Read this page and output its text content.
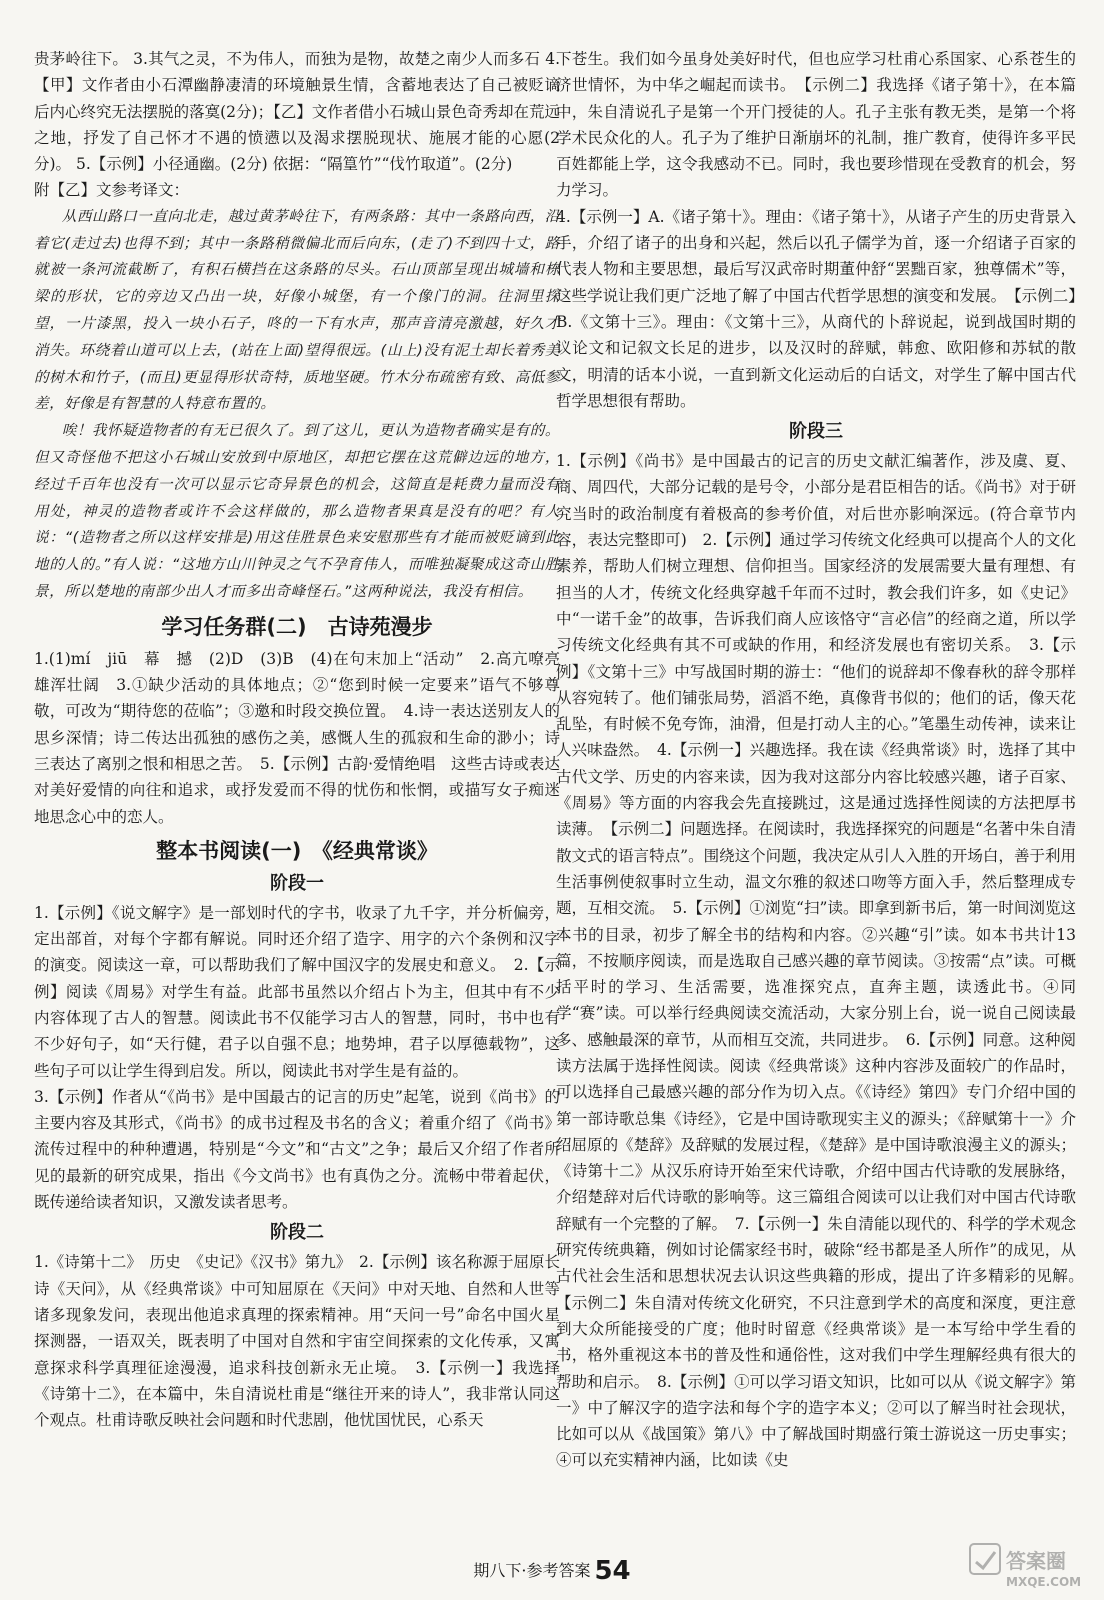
贵茅岭往下。 3.其气之灵，不为伟人，而独为是物，故楚之南少人而多石 4.【甲】文作者由小石潭幽静凄清的环境触景生情，含蓄地表达了自己被贬谪后内心终究无法摆脱的落寞(2分)；【乙】文作者借小石城山景色奇秀却在荒远之地，抒发了自己怀才不遇的愤懑以及渴求摆脱现状、施展才能的心愿(2分)。 5.【示例】小径通幽。(2分) 依据：“隔篁竹”“伐竹取道”。(2分)

附【乙】文参考译文：

从西山路口一直向北走，越过黄茅岭往下，有两条路：其中一条路向西，沿着它(走过去)也得不到；其中一条路稍微偏北而后向东，(走了)不到四十丈，路就被一条河流截断了，有积石横挡在这条路的尽头。石山顶部呈现出城墙和栋梁的形状，它的旁边又凸出一块，好像小城堡，有一个像门的洞。往洞里探望，一片漆黑，投入一块小石子，咚的一下有水声，那声音清亮激越，好久才消失。环绕着山道可以上去，(站在上面)望得很远。(山上)没有泥土却长着秀美的树木和竹子，(而且)更显得形状奇特，质地坚硬。竹木分布疏密有致、高低参差，好像是有智慧的人特意布置的。

唉！我怀疑造物者的有无已很久了。到了这儿，更认为造物者确实是有的。但又奇怪他不把这小石城山安放到中原地区，却把它摆在这荒僻边远的地方，经过千百年也没有一次可以显示它奇异景色的机会，这简直是耗费力量而没有用处，神灵的造物者或许不会这样做的，那么造物者果真是没有的吧？有人说：“(造物者之所以这样安排是)用这佳胜景色来安慰那些有才能而被贬谪到此地的人的。”有人说：“这地方山川钟灵之气不孕育伟人，而唯独凝聚成这奇山胜景，所以楚地的南部少出人才而多出奇峰怪石。”这两种说法，我没有相信。

学习任务群(二)　古诗苑漫步

1.(1)mí　jiū　幕　撼　(2)D　(3)B　(4)在句末加上“活动”　2.高亢嘹亮　雄浑壮阔　3.①缺少活动的具体地点；②“您到时候一定要来”语气不够尊敬，可改为“期待您的莅临”；③邀和时段交换位置。　4.诗一表达送别友人的思乡深情；诗二传达出孤独的感伤之美，感慨人生的孤寂和生命的渺小；诗三表达了离别之恨和相思之苦。　5.【示例】古韵·爱情绝唱　这些古诗或表达对美好爱情的向往和追求，或抒发爱而不得的忧伤和怅惘，或描写女子痴迷地思念心中的恋人。

整本书阅读(一)　《经典常谈》
阶段一

1.【示例】《说文解字》是一部划时代的字书，收录了九千字，并分析偏旁，定出部首，对每个字都有解说。同时还介绍了造字、用字的六个条例和汉字的演变。阅读这一章，可以帮助我们了解中国汉字的发展史和意义。　2.【示例】阅读《周易》对学生有益。此部书虽然以介绍占卜为主，但其中有不少内容体现了古人的智慧。阅读此书不仅能学习古人的智慧，同时，书中也有不少好句子，如“天行健，君子以自强不息；地势坤，君子以厚德载物”，这些句子可以让学生得到启发。所以，阅读此书对学生是有益的。

3.【示例】作者从“《尚书》是中国最古的记言的历史”起笔，说到《尚书》的主要内容及其形式，《尚书》的成书过程及书名的含义；着重介绍了《尚书》流传过程中的种种遭遇，特别是“今文”和“古文”之争；最后又介绍了作者所见的最新的研究成果，指出《今文尚书》也有真伪之分。流畅中带着起伏，既传递给读者知识，又激发读者思考。

阶段二

1.《诗第十二》　历史　《史记》《汉书》第九》　2.【示例】该名称源于屈原长诗《天问》，从《经典常谈》中可知屈原在《天问》中对天地、自然和人世等诸多现象发问，表现出他追求真理的探索精神。用“天问一号”命名中国火星探测器，一语双关，既表明了中国对自然和宇宙空间探索的文化传承，又寓意探求科学真理征途漫漫，追求科技创新永无止境。　3.【示例一】我选择《诗第十二》，在本篇中，朱自清说杜甫是“继往开来的诗人”，我非常认同这个观点。杜甫诗歌反映社会问题和时代悲剧，他忧国忧民，心系天

下苍生。我们如今虽身处美好时代，但也应学习杜甫心系国家、心系苍生的济世情怀，为中华之崛起而读书。　【示例二】我选择《诸子第十》，在本篇中，朱自清说孔子是第一个开门授徒的人。孔子主张有教无类，是第一个将学术民众化的人。孔子为了维护日渐崩坏的礼制，推广教育，使得许多平民百姓都能上学，这令我感动不已。同时，我也要珍惜现在受教育的机会，努力学习。

4.【示例一】A.《诸子第十》。理由：《诸子第十》，从诸子产生的历史背景入手，介绍了诸子的出身和兴起，然后以孔子儒学为首，逐一介绍诸子百家的代表人物和主要思想，最后写汉武帝时期董仲舒“罢黜百家，独尊儒术”等，这些学说让我们更广泛地了解了中国古代哲学思想的演变和发展。　【示例二】B.《文第十三》。理由：《文第十三》，从商代的卜辞说起，说到战国时期的议论文和记叙文长足的进步，以及汉时的辞赋，韩愈、欧阳修和苏轼的散文，明清的话本小说，一直到新文化运动后的白话文，对学生了解中国古代哲学思想很有帮助。

阶段三

1.【示例】《尚书》是中国最古的记言的历史文献汇编著作，涉及虞、夏、商、周四代，大部分记载的是号令，小部分是君臣相告的话。《尚书》对于研究当时的政治制度有着极高的参考价值，对后世亦影响深远。(符合章节内容，表达完整即可)　2.【示例】通过学习传统文化经典可以提高个人的文化素养，帮助人们树立理想、信仰担当。国家经济的发展需要大量有理想、有担当的人才，传统文化经典穿越千年而不过时，教会我们许多，如《史记》中“一诺千金”的故事，告诉我们商人应该恪守“言必信”的经商之道，所以学习传统文化经典有其不可或缺的作用，和经济发展也有密切关系。　3.【示例】《文第十三》中写战国时期的游士：“他们的说辞却不像春秋的辞令那样从容宛转了。他们铺张局势，滔滔不绝，真像背书似的；他们的话，像天花乱坠，有时候不免夸饰，油滑，但是打动人主的心。”笔墨生动传神，读来让人兴味盎然。　4.【示例一】兴趣选择。我在读《经典常谈》时，选择了其中古代文学、历史的内容来读，因为我对这部分内容比较感兴趣，诸子百家、《周易》等方面的内容我会先直接跳过，这是通过选择性阅读的方法把厚书读薄。　【示例二】问题选择。在阅读时，我选择探究的问题是“名著中朱自清散文式的语言特点”。围绕这个问题，我决定从引人入胜的开场白，善于利用生活事例使叙事时立生动，温文尔雅的叙述口吻等方面入手，然后整理成专题，互相交流。　5.【示例】①浏览“扫”读。即拿到新书后，第一时间浏览这本书的目录，初步了解全书的结构和内容。②兴趣“引”读。如本书共计13篇，不按顺序阅读，而是选取自己感兴趣的章节阅读。③按需“点”读。可概括平时的学习、生活需要，选准探究点，直奔主题，读透此书。④同学“赛”读。可以举行经典阅读交流活动，大家分别上台，说一说自己阅读最多、感触最深的章节，从而相互交流，共同进步。　6.【示例】同意。这种阅读方法属于选择性阅读。阅读《经典常谈》这种内容涉及面较广的作品时，可以选择自己最感兴趣的部分作为切入点。《《诗经》第四》专门介绍中国的第一部诗歌总集《诗经》，它是中国诗歌现实主义的源头；《辞赋第十一》介绍屈原的《楚辞》及辞赋的发展过程，《楚辞》是中国诗歌浪漫主义的源头；《诗第十二》从汉乐府诗开始至宋代诗歌，介绍中国古代诗歌的发展脉络，介绍楚辞对后代诗歌的影响等。这三篇组合阅读可以让我们对中国古代诗歌辞赋有一个完整的了解。　7.【示例一】朱自清能以现代的、科学的学术观念研究传统典籍，例如讨论儒家经书时，破除“经书都是圣人所作”的成见，从古代社会生活和思想状况去认识这些典籍的形成，提出了许多精彩的见解。　【示例二】朱自清对传统文化研究，不只注意到学术的高度和深度，更注意到大众所能接受的广度；他时时留意《经典常谈》是一本写给中学生看的书，格外重视这本书的普及性和通俗性，这对我们中学生理解经典有很大的帮助和启示。　8.【示例】①可以学习语文知识，比如可以从《说文解字》第一》中了解汉字的造字法和每个字的造字本义；②可以了解当时社会现状，比如可以从《战国策》第八》中了解战国时期盛行策士游说这一历史事实；④可以充实精神内涵，比如读《史

期八下·参考答案 54	答案圈
MXQE.COM
